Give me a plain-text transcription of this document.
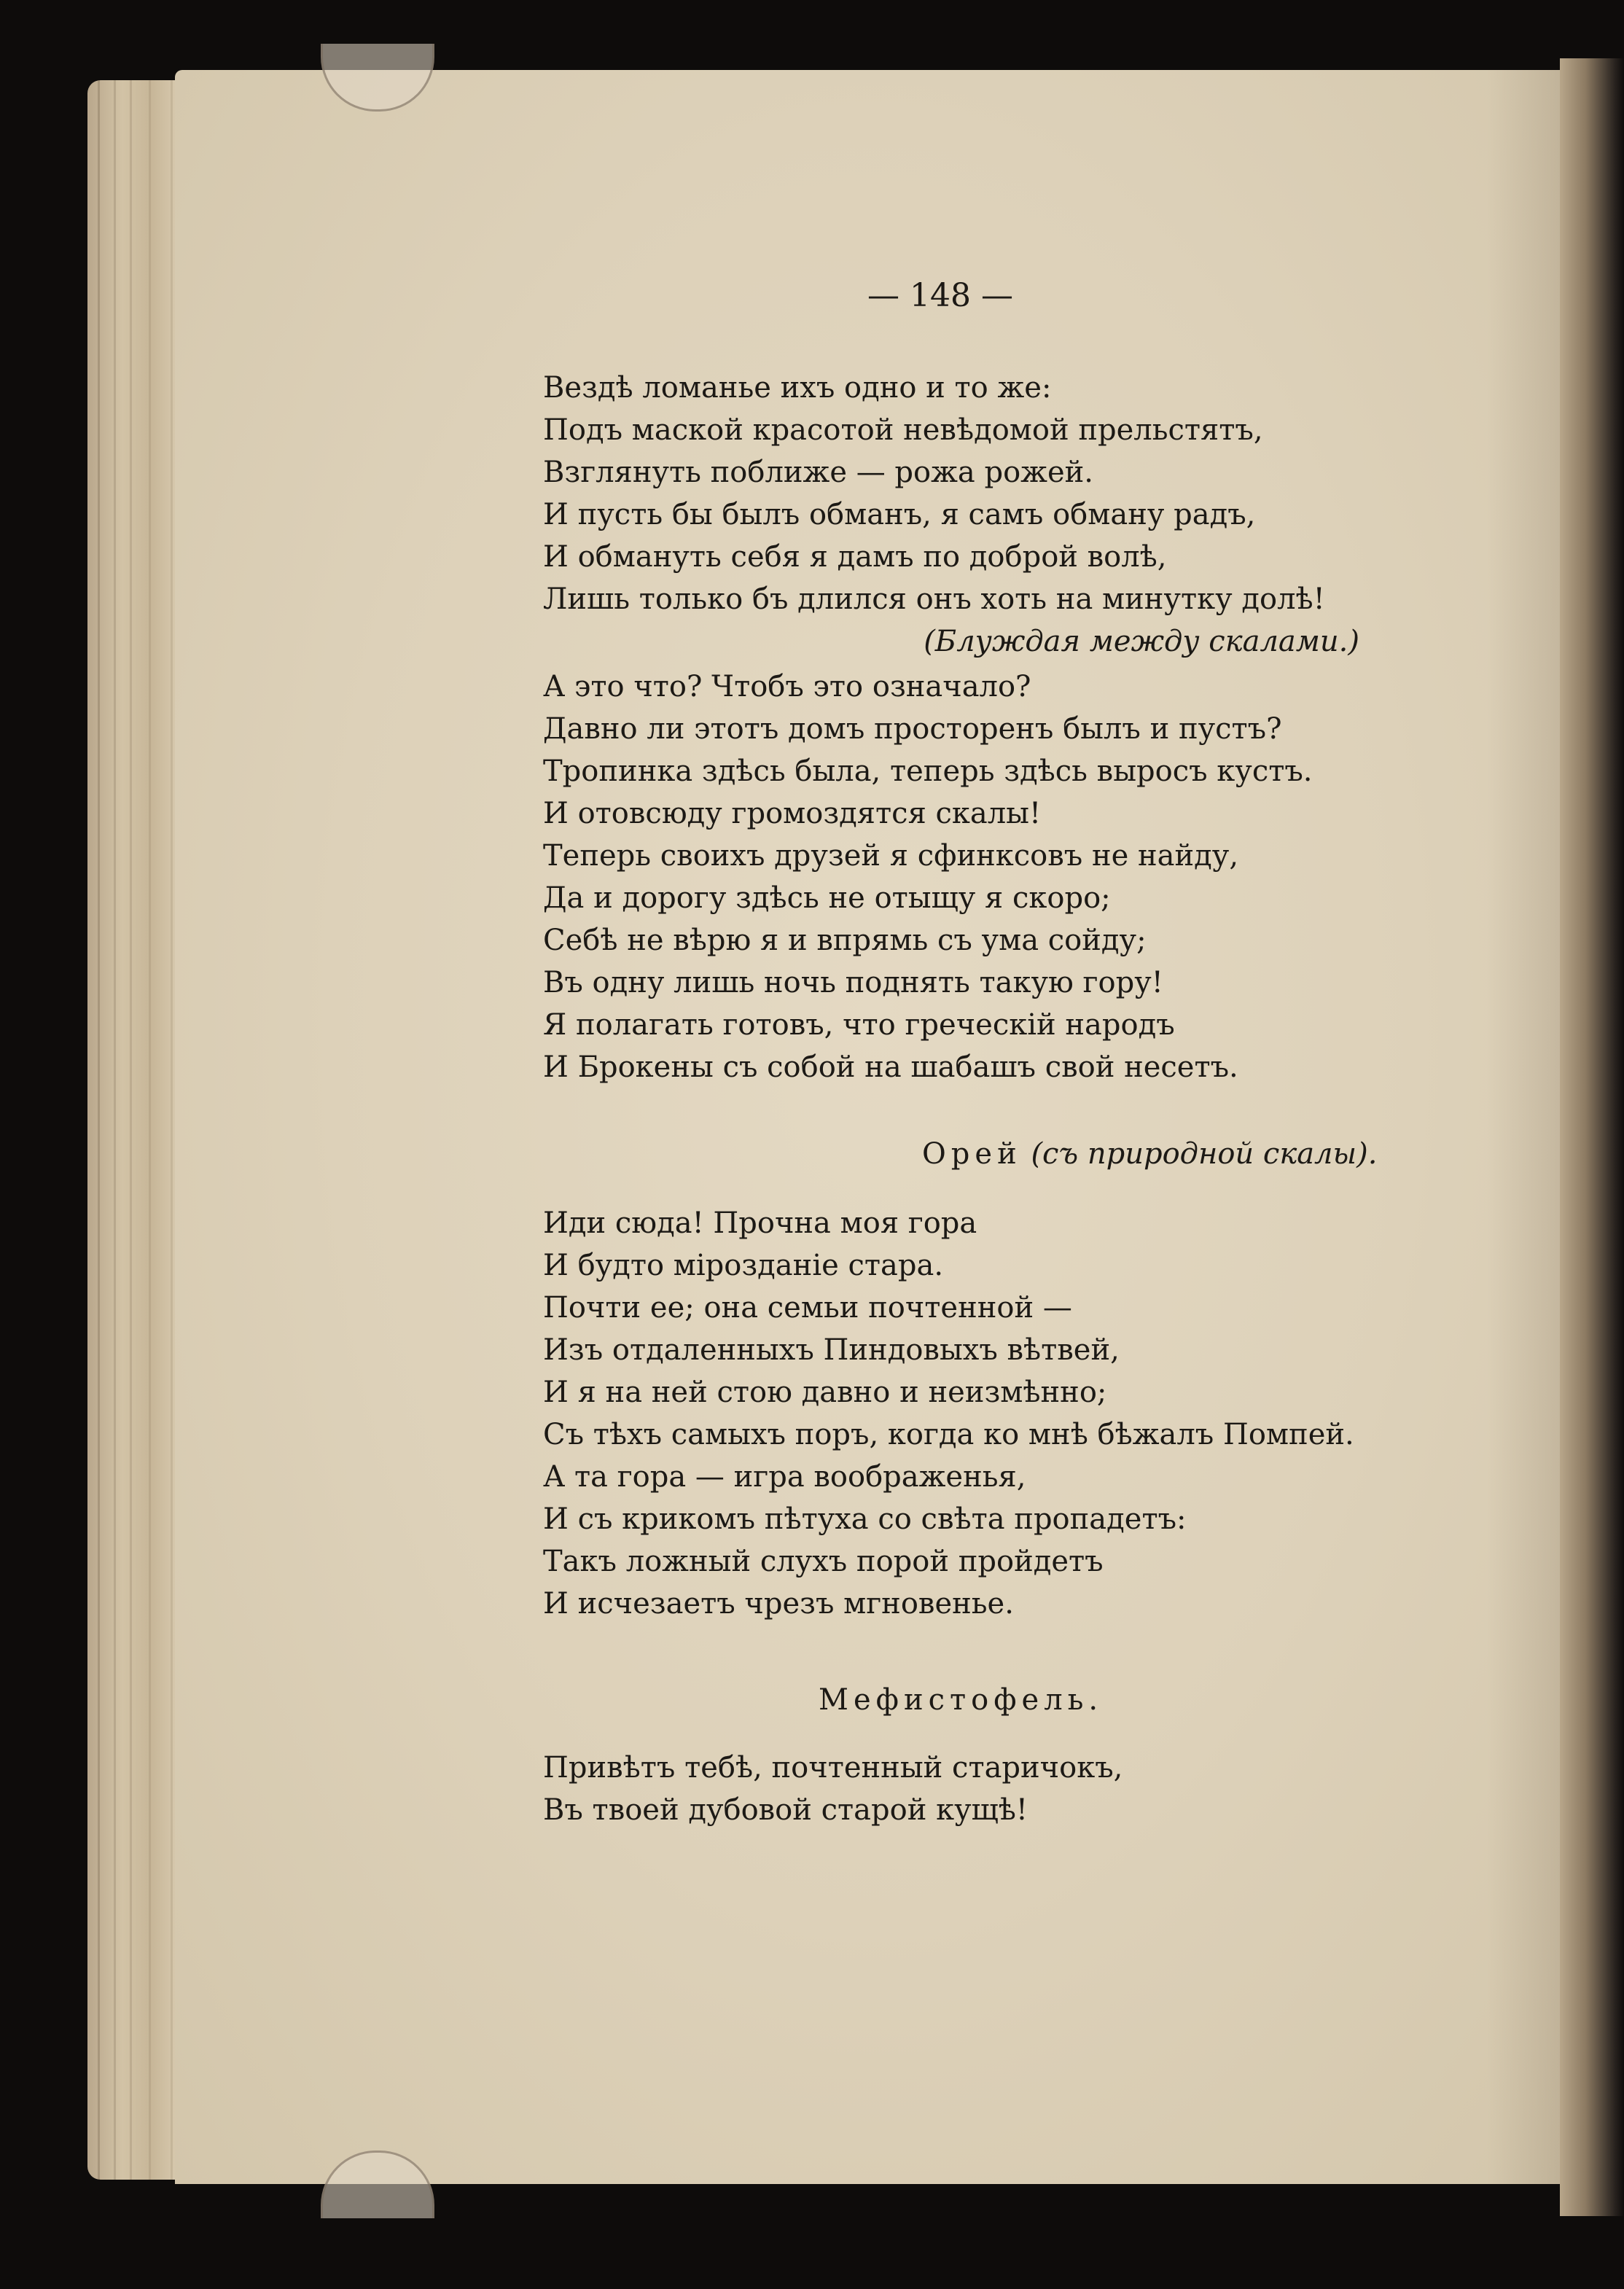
— 148 —
Вездѣ ломанье ихъ одно и то же:
Подъ маской красотой невѣдомой прельстятъ,
Взглянуть поближе — рожа рожей.
И пусть бы былъ обманъ, я самъ обману радъ,
И обмануть себя я дамъ по доброй волѣ,
Лишь только бъ длился онъ хоть на минутку долѣ!
(Блуждая между скалами.)
А это что? Чтобъ это означало?
Давно ли этотъ домъ просторенъ былъ и пустъ?
Тропинка здѣсь была, теперь здѣсь выросъ кустъ.
И отовсюду громоздятся скалы!
Теперь своихъ друзей я сфинксовъ не найду,
Да и дорогу здѣсь не отыщу я скоро;
Себѣ не вѣрю я и впрямь съ ума сойду;
Въ одну лишь ночь поднять такую гору!
Я полагать готовъ, что греческій народъ
И Брокены съ собой на шабашъ свой несетъ.
Орей (съ природной скалы).
Иди сюда! Прочна моя гора
И будто мірозданіе стара.
Почти ее; она семьи почтенной —
Изъ отдаленныхъ Пиндовыхъ вѣтвей,
И я на ней стою давно и неизмѣнно;
Съ тѣхъ самыхъ поръ, когда ко мнѣ бѣжалъ Помпей.
А та гора — игра воображенья,
И съ крикомъ пѣтуха со свѣта пропадетъ:
Такъ ложный слухъ порой пройдетъ
И исчезаетъ чрезъ мгновенье.
Мефистофель.
Привѣтъ тебѣ, почтенный старичокъ,
Въ твоей дубовой старой кущѣ!
